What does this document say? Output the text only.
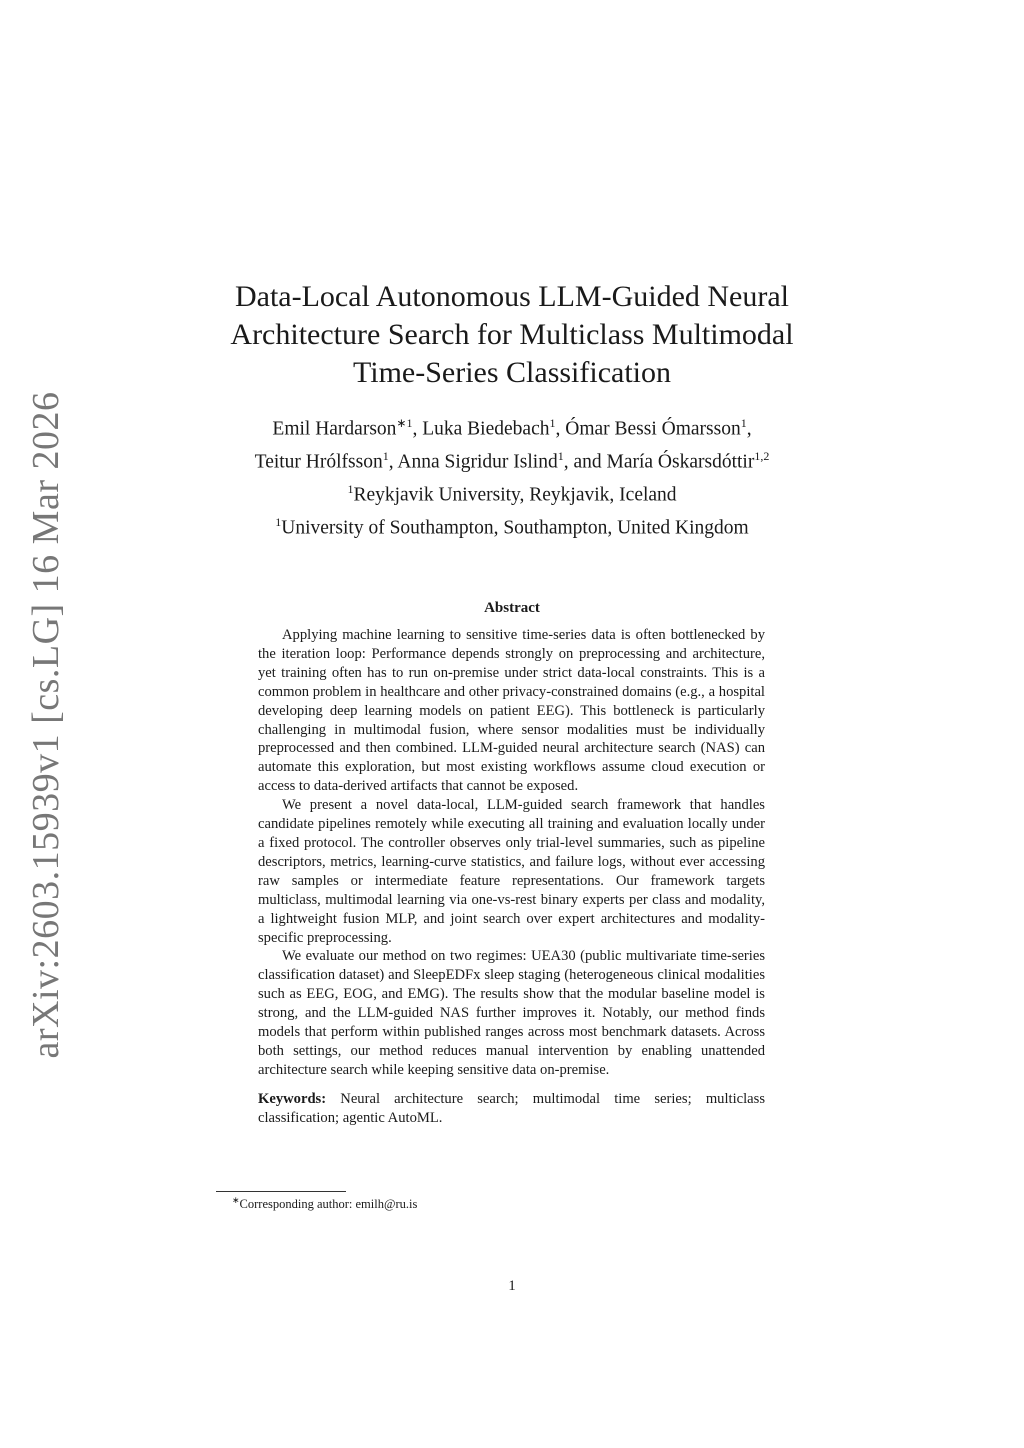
arXiv:2603.15939v1 [cs.LG] 16 Mar 2026
Data-Local Autonomous LLM-Guided Neural
Architecture Search for Multiclass Multimodal
Time-Series Classification
Emil Hardarson$^{∗1}$, Luka Biedebach$^1$, Ómar Bessi Ómarsson$^1$,
Teitur Hrólfsson$^1$, Anna Sigridur Islind$^1$, and María Óskarsdóttir$^{1,2}$
$^1$Reykjavik University, Reykjavik, Iceland
$^1$University of Southampton, Southampton, United Kingdom
Abstract

Applying machine learning to sensitive time-series data is often bottlenecked by the iteration loop: Performance depends strongly on preprocessing and architecture, yet training often has to run on-premise under strict data-local constraints. This is a common problem in healthcare and other privacy-constrained domains (e.g., a hospital developing deep learning models on patient EEG). This bottleneck is particularly challenging in multimodal fusion, where sensor modalities must be individually preprocessed and then combined. LLM-guided neural architecture search (NAS) can automate this exploration, but most existing workflows assume cloud execution or access to data-derived artifacts that cannot be exposed.

We present a novel data-local, LLM-guided search framework that handles candidate pipelines remotely while executing all training and evaluation locally under a fixed protocol. The controller observes only trial-level summaries, such as pipeline descriptors, metrics, learning-curve statistics, and failure logs, without ever accessing raw samples or intermediate feature representations. Our framework targets multiclass, multimodal learning via one-vs-rest binary experts per class and modality, a lightweight fusion MLP, and joint search over expert architectures and modality-specific preprocessing.

We evaluate our method on two regimes: UEA30 (public multivariate time-series classification dataset) and SleepEDFx sleep staging (heterogeneous clinical modalities such as EEG, EOG, and EMG). The results show that the modular baseline model is strong, and the LLM-guided NAS further improves it. Notably, our method finds models that perform within published ranges across most benchmark datasets. Across both settings, our method reduces manual intervention by enabling unattended architecture search while keeping sensitive data on-premise.

Keywords: Neural architecture search; multimodal time series; multiclass classification; agentic AutoML.
∗Corresponding author: emilh@ru.is
1
